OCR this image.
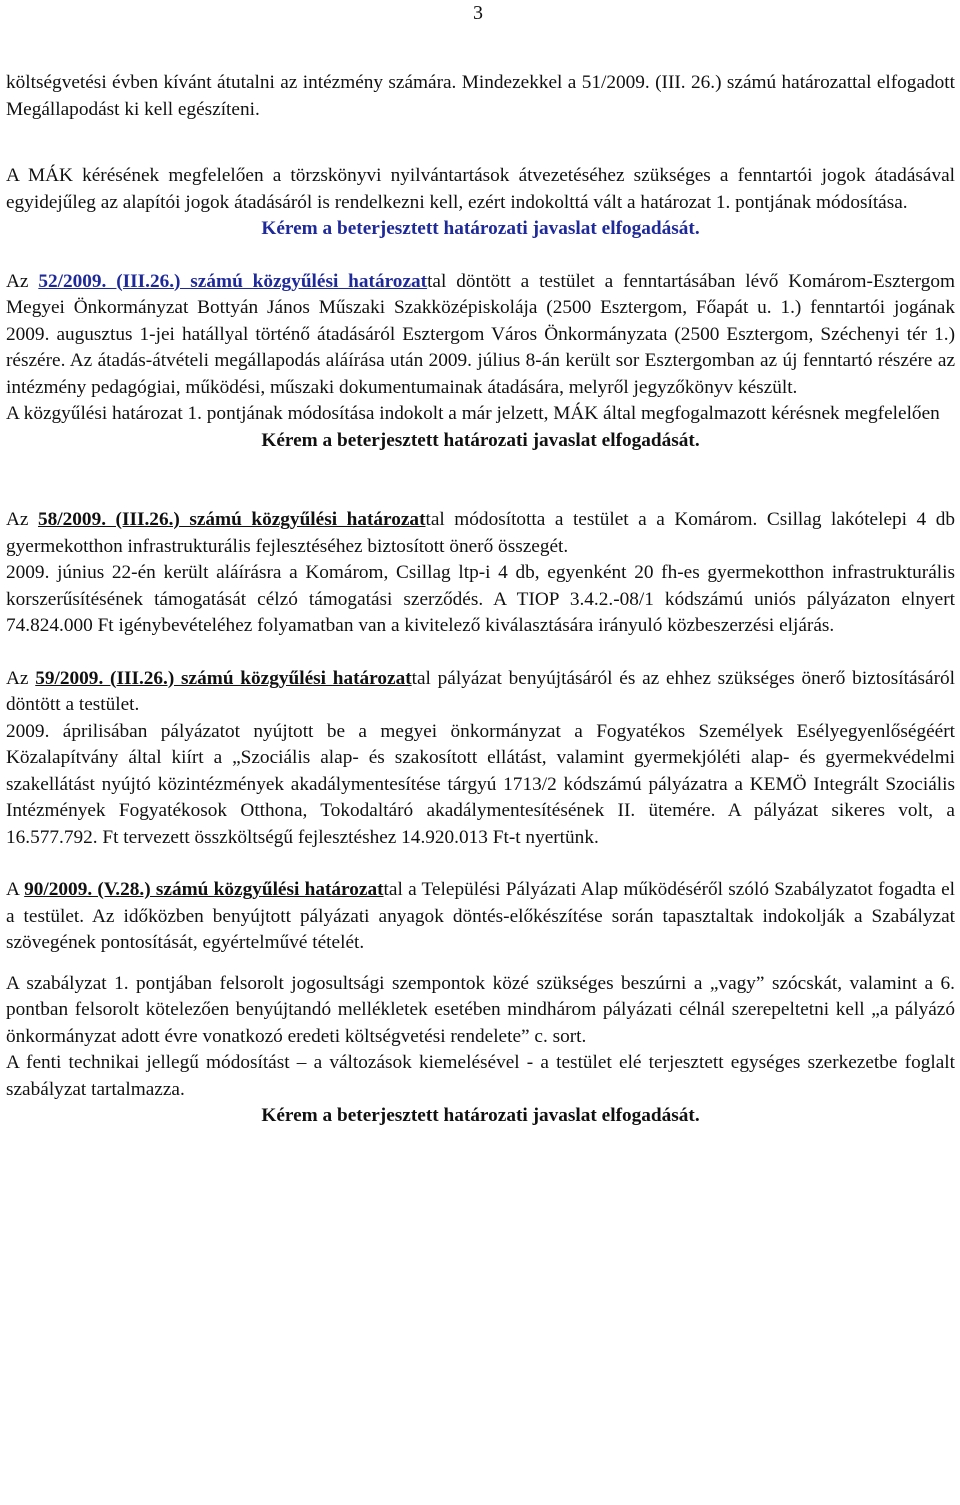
3

költségvetési évben kívánt átutalni az intézmény számára. Mindezekkel a 51/2009. (III. 26.) számú határozattal elfogadott Megállapodást ki kell egészíteni.

A MÁK kérésének megfelelően a törzskönyvi nyilvántartások átvezetéséhez szükséges a fenntartói jogok átadásával egyidejűleg az alapítói jogok átadásáról is rendelkezni kell, ezért indokolttá vált a határozat 1. pontjának módosítása.

Kérem a beterjesztett határozati javaslat elfogadását.

Az 52/2009. (III.26.) számú közgyűlési határozattal döntött a testület a fenntartásában lévő Komárom-Esztergom Megyei Önkormányzat Bottyán János Műszaki Szakközépiskolája (2500 Esztergom, Főapát u. 1.) fenntartói jogának 2009. augusztus 1-jei hatállyal történő átadásáról Esztergom Város Önkormányzata (2500 Esztergom, Széchenyi tér 1.) részére. Az átadás-átvételi megállapodás aláírása után 2009. július 8-án került sor Esztergomban az új fenntartó részére az intézmény pedagógiai, működési, műszaki dokumentumainak átadására, melyről jegyzőkönyv készült.

A közgyűlési határozat 1. pontjának módosítása indokolt a már jelzett, MÁK által megfogalmazott kérésnek megfelelően

Kérem a beterjesztett határozati javaslat elfogadását.

Az 58/2009. (III.26.) számú közgyűlési határozattal módosította a testület a a Komárom. Csillag lakótelepi 4 db gyermekotthon infrastrukturális fejlesztéséhez biztosított önerő összegét.

2009. június 22-én került aláírásra a Komárom, Csillag ltp-i 4 db, egyenként 20 fh-es gyermekotthon infrastrukturális korszerűsítésének támogatását célzó támogatási szerződés. A TIOP 3.4.2.-08/1 kódszámú uniós pályázaton elnyert 74.824.000 Ft igénybevételéhez folyamatban van a kivitelező kiválasztására irányuló közbeszerzési eljárás.

Az 59/2009. (III.26.) számú közgyűlési határozattal pályázat benyújtásáról és az ehhez szükséges önerő biztosításáról döntött a testület.

2009. áprilisában pályázatot nyújtott be a megyei önkormányzat a Fogyatékos Személyek Esélyegyenlőségéért Közalapítvány által kiírt a „Szociális alap- és szakosított ellátást, valamint gyermekjóléti alap- és gyermekvédelmi szakellátást nyújtó közintézmények akadálymentesítése tárgyú 1713/2 kódszámú pályázatra a KEMÖ Integrált Szociális Intézmények Fogyatékosok Otthona, Tokodaltáró akadálymentesítésének II. ütemére. A pályázat sikeres volt, a 16.577.792. Ft tervezett összköltségű fejlesztéshez 14.920.013 Ft-t nyertünk.

A 90/2009. (V.28.) számú közgyűlési határozattal a Települési Pályázati Alap működéséről szóló Szabályzatot fogadta el a testület. Az időközben benyújtott pályázati anyagok döntés-előkészítése során tapasztaltak indokolják a Szabályzat szövegének pontosítását, egyértelművé tételét.

A szabályzat 1. pontjában felsorolt jogosultsági szempontok közé szükséges beszúrni a „vagy” szócskát, valamint a 6. pontban felsorolt kötelezően benyújtandó mellékletek esetében mindhárom pályázati célnál szerepeltetni kell „a pályázó önkormányzat adott évre vonatkozó eredeti költségvetési rendelete” c. sort.

A fenti technikai jellegű módosítást – a változások kiemelésével - a testület elé terjesztett egységes szerkezetbe foglalt szabályzat tartalmazza.

Kérem a beterjesztett határozati javaslat elfogadását.
